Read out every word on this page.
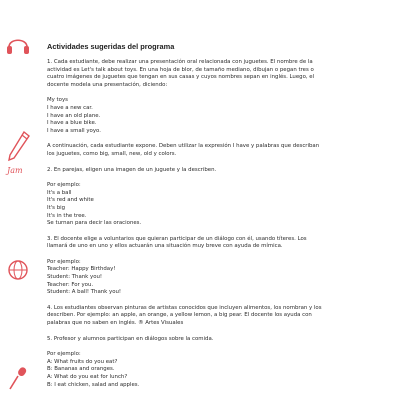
Jam
Actividades sugeridas del programa
1. Cada estudiante, debe realizar una presentación oral relacionada con juguetes. El nombre de la
actividad es Let's talk about toys. En una hoja de blor, de tamaño mediano, dibujan o pegan tres o
cuatro imágenes de juguetes que tengan en sus casas y cuyos nombres sepan en inglés. Luego, el
docente modela una presentación, diciendo:
My toys
I have a new car.
I have an old plane.
I have a blue bike.
I have a small yoyo.
A continuación, cada estudiante expone. Deben utilizar la expresión I have y palabras que describan
los juguetes, como big, small, new, old y colors.
2. En parejas, eligen una imagen de un juguete y la describen.
Por ejemplo:
It's a ball
It's red and white
It's big
It's in the tree.
Se turnan para decir las oraciones.
3. El docente elige a voluntarios que quieran participar de un diálogo con él, usando títeres. Los
llamará de uno en uno y ellos actuarán una situación muy breve con ayuda de mímica.
Por ejemplo:
Teacher: Happy Birthday!
Student: Thank you!
Teacher: For you.
Student: A ball! Thank you!
4. Los estudiantes observan pinturas de artistas conocidos que incluyen alimentos, los nombran y los
describen. Por ejemplo: an apple, an orange, a yellow lemon, a big pear. El docente los ayuda con
palabras que no saben en inglés. ® Artes Visuales
5. Profesor y alumnos participan en diálogos sobre la comida.
Por ejemplo:
A: What fruits do you eat?
B: Bananas and oranges.
A: What do you eat for lunch?
B: I eat chicken, salad and apples.
